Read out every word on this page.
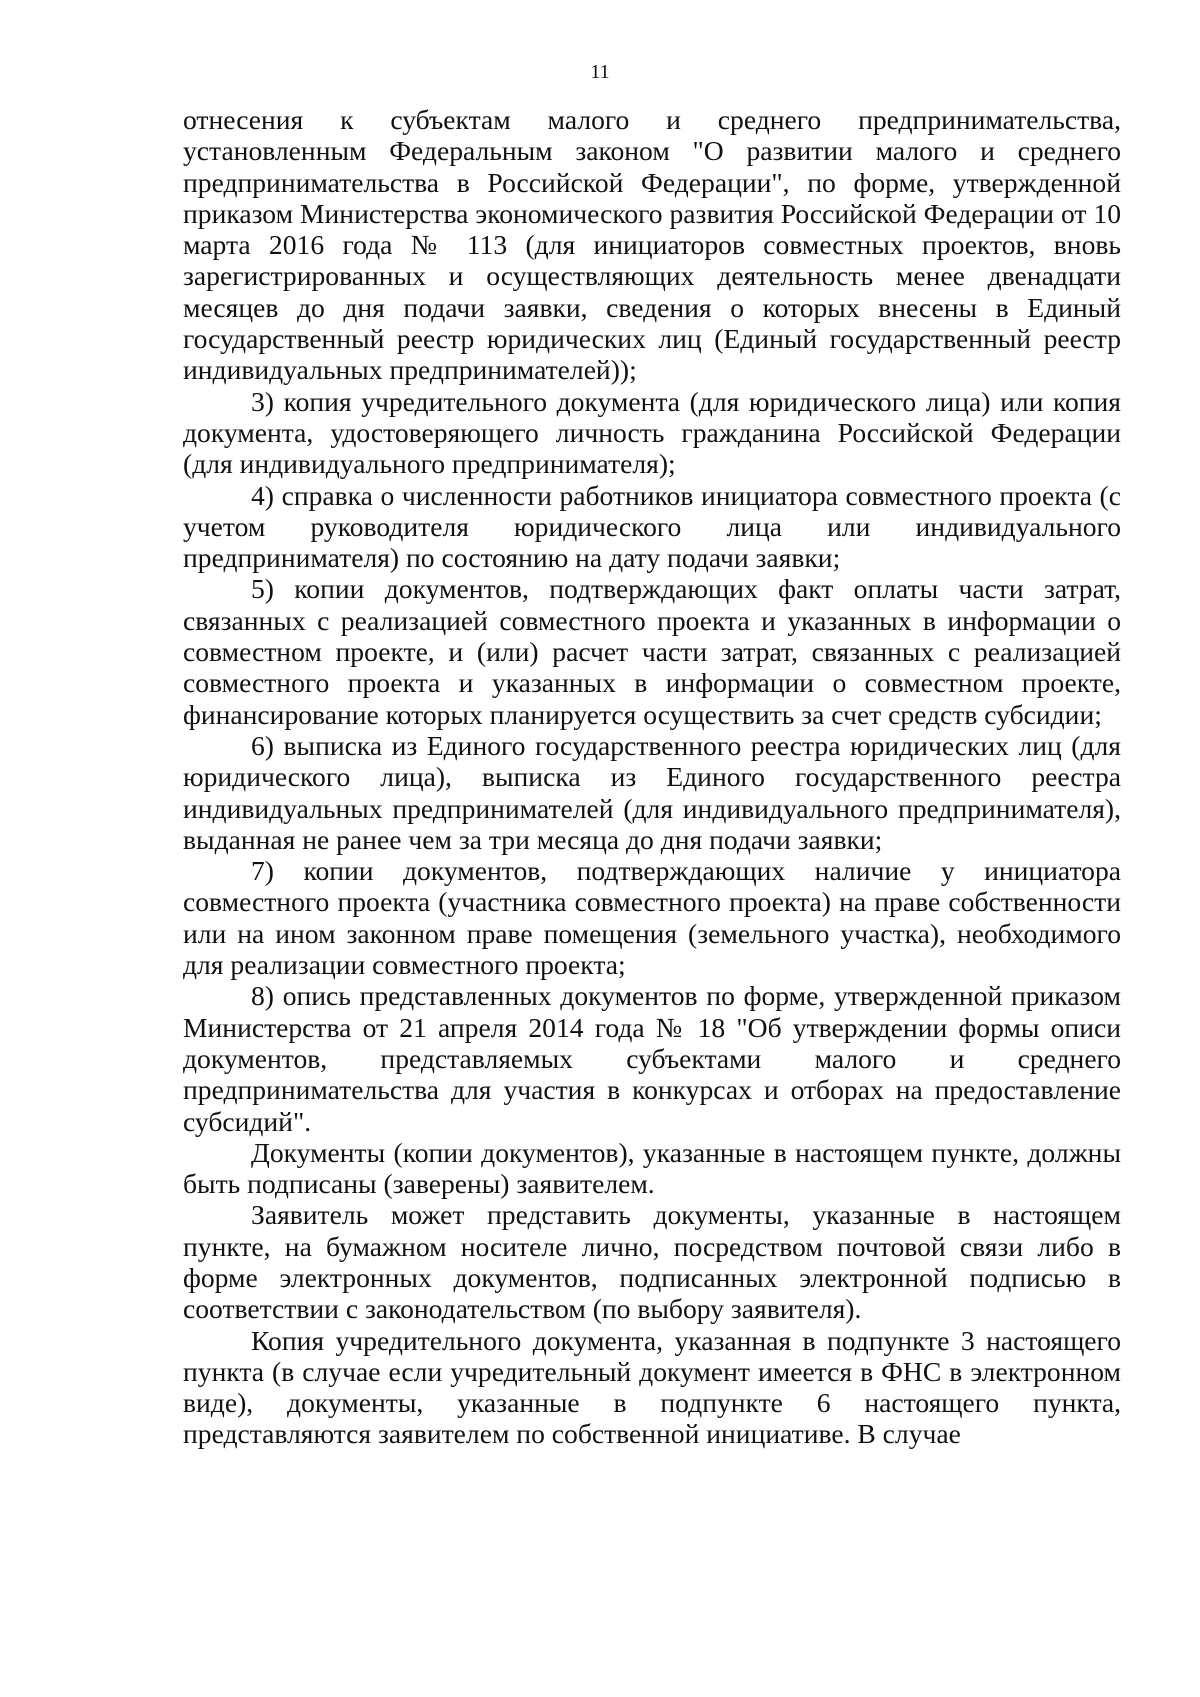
11

отнесения к субъектам малого и среднего предпринимательства, установленным Федеральным законом "О развитии малого и среднего предпринимательства в Российской Федерации", по форме, утвержденной приказом Министерства экономического развития Российской Федерации от 10 марта 2016 года № 113 (для инициаторов совместных проектов, вновь зарегистрированных и осуществляющих деятельность менее двенадцати месяцев до дня подачи заявки, сведения о которых внесены в Единый государственный реестр юридических лиц (Единый государственный реестр индивидуальных предпринимателей));

3) копия учредительного документа (для юридического лица) или копия документа, удостоверяющего личность гражданина Российской Федерации (для индивидуального предпринимателя);

4) справка о численности работников инициатора совместного проекта (с учетом руководителя юридического лица или индивидуального предпринимателя) по состоянию на дату подачи заявки;

5) копии документов, подтверждающих факт оплаты части затрат, связанных с реализацией совместного проекта и указанных в информации о совместном проекте, и (или) расчет части затрат, связанных с реализацией совместного проекта и указанных в информации о совместном проекте, финансирование которых планируется осуществить за счет средств субсидии;

6) выписка из Единого государственного реестра юридических лиц (для юридического лица), выписка из Единого государственного реестра индивидуальных предпринимателей (для индивидуального предпринимателя), выданная не ранее чем за три месяца до дня подачи заявки;

7) копии документов, подтверждающих наличие у инициатора совместного проекта (участника совместного проекта) на праве собственности или на ином законном праве помещения (земельного участка), необходимого для реализации совместного проекта;

8) опись представленных документов по форме, утвержденной приказом Министерства от 21 апреля 2014 года № 18 "Об утверждении формы описи документов, представляемых субъектами малого и среднего предпринимательства для участия в конкурсах и отборах на предоставление субсидий".

Документы (копии документов), указанные в настоящем пункте, должны быть подписаны (заверены) заявителем.

Заявитель может представить документы, указанные в настоящем пункте, на бумажном носителе лично, посредством почтовой связи либо в форме электронных документов, подписанных электронной подписью в соответствии с законодательством (по выбору заявителя).

Копия учредительного документа, указанная в подпункте 3 настоящего пункта (в случае если учредительный документ имеется в ФНС в электронном виде), документы, указанные в подпункте 6 настоящего пункта, представляются заявителем по собственной инициативе. В случае
